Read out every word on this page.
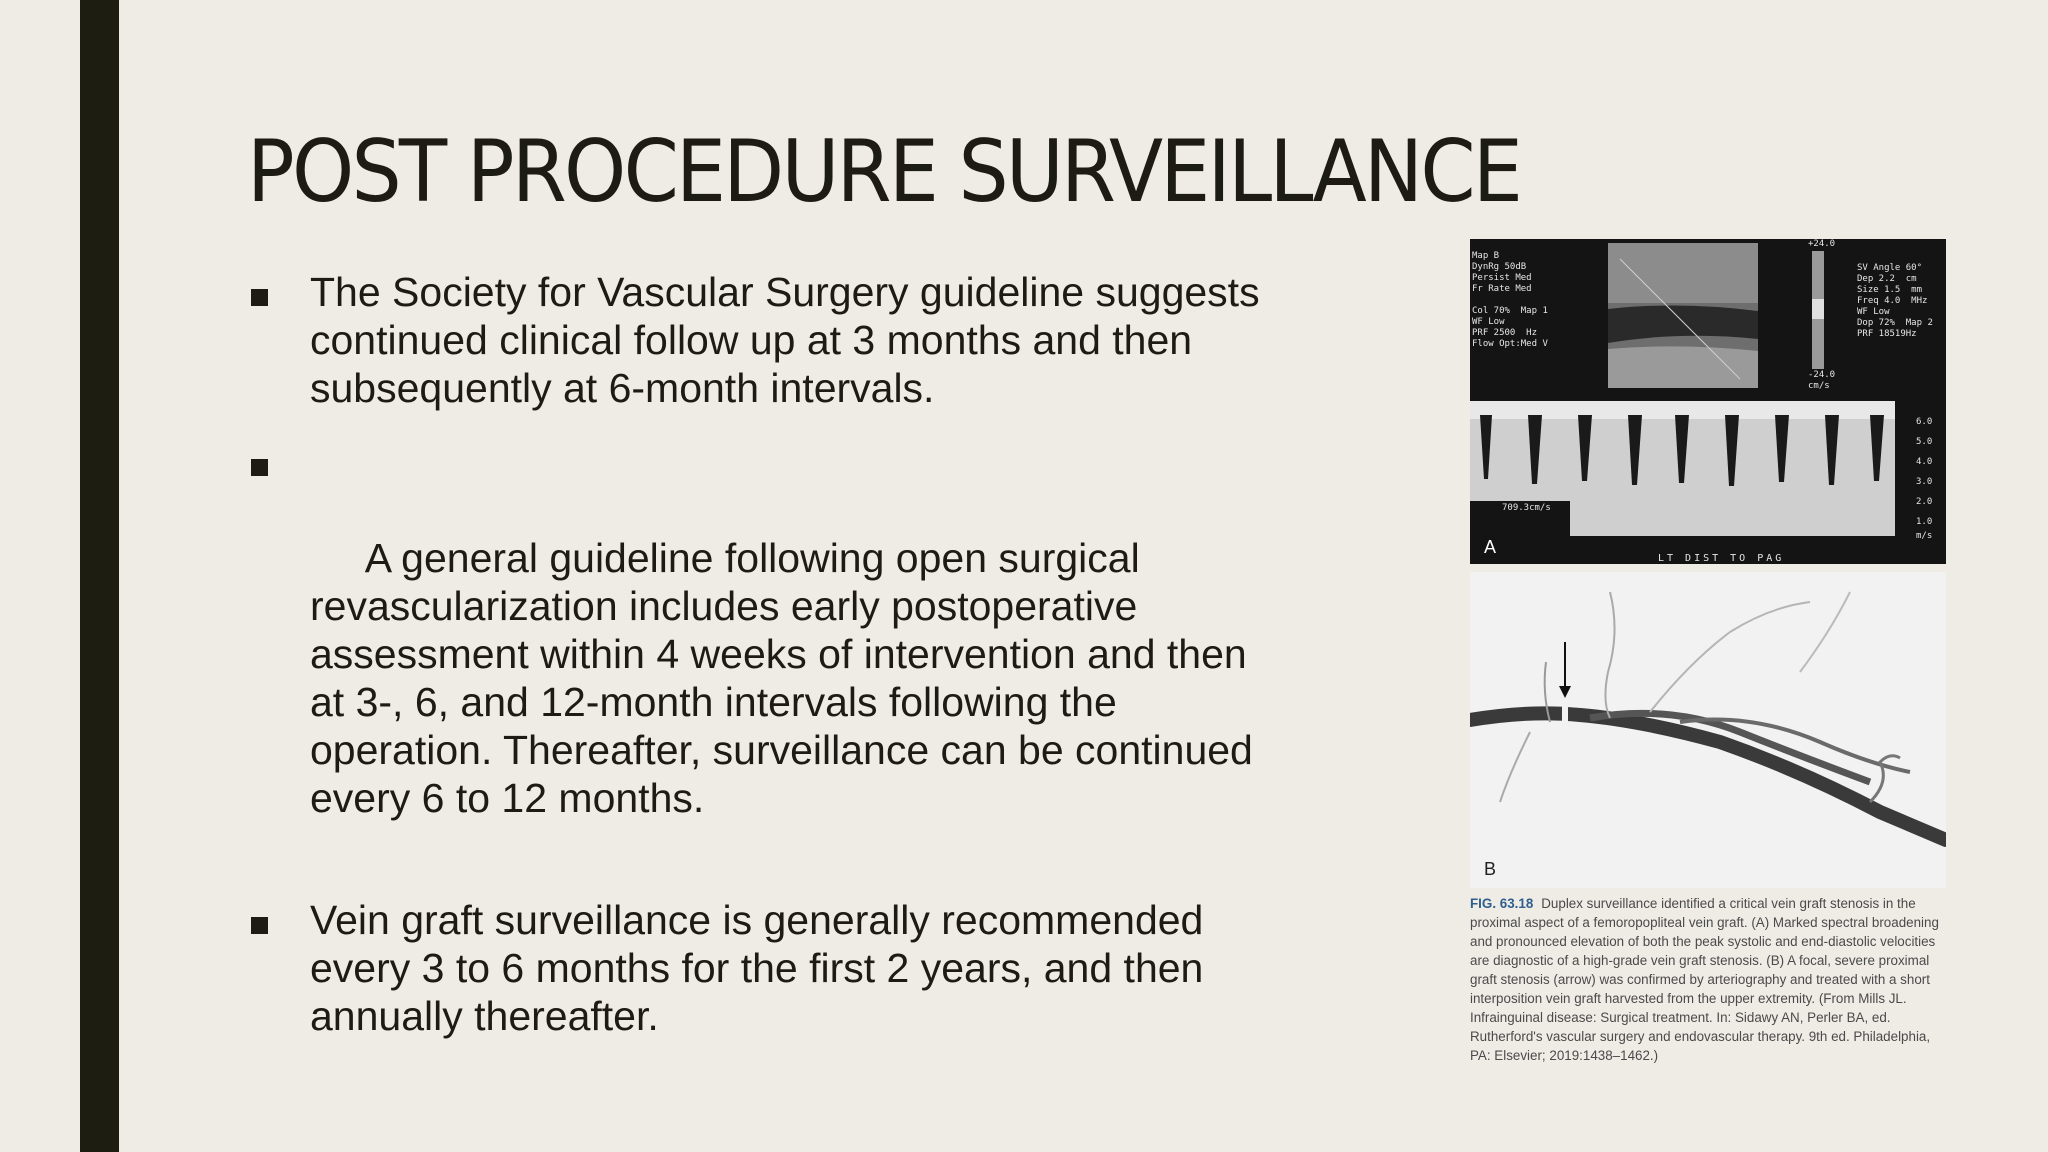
POST PROCEDURE SURVEILLANCE
The Society for Vascular Surgery guideline suggests continued clinical follow up at 3 months and then subsequently at 6-month intervals.

A general guideline following open surgical revascularization includes early postoperative assessment within 4 weeks of intervention and then at 3-, 6, and 12-month intervals following the operation. Thereafter, surveillance can be continued every 6 to 12 months.

Vein graft surveillance is generally recommended every 3 to 6 months for the first 2 years, and then annually thereafter.
Map B
DynRg 50dB
Persist Med
Fr Rate Med

Col 70%  Map 1
WF Low
PRF 2500  Hz
Flow Opt:Med V
SV Angle 60°
Dep 2.2  cm
Size 1.5  mm
Freq 4.0  MHz
WF Low
Dop 72%  Map 2
PRF 18519Hz
+24.0
-24.0
cm/s
709.3cm/s
6.0
5.0
4.0
3.0
2.0
1.0
m/s
LT DIST TO PAG
A
B
FIG. 63.18 Duplex surveillance identified a critical vein graft stenosis in the proximal aspect of a femoropopliteal vein graft. (A) Marked spectral broadening and pronounced elevation of both the peak systolic and end-diastolic velocities are diagnostic of a high-grade vein graft stenosis. (B) A focal, severe proximal graft stenosis (arrow) was confirmed by arteriography and treated with a short interposition vein graft harvested from the upper extremity. (From Mills JL. Infrainguinal disease: Surgical treatment. In: Sidawy AN, Perler BA, ed. Rutherford's vascular surgery and endovascular therapy. 9th ed. Philadelphia, PA: Elsevier; 2019:1438–1462.)
